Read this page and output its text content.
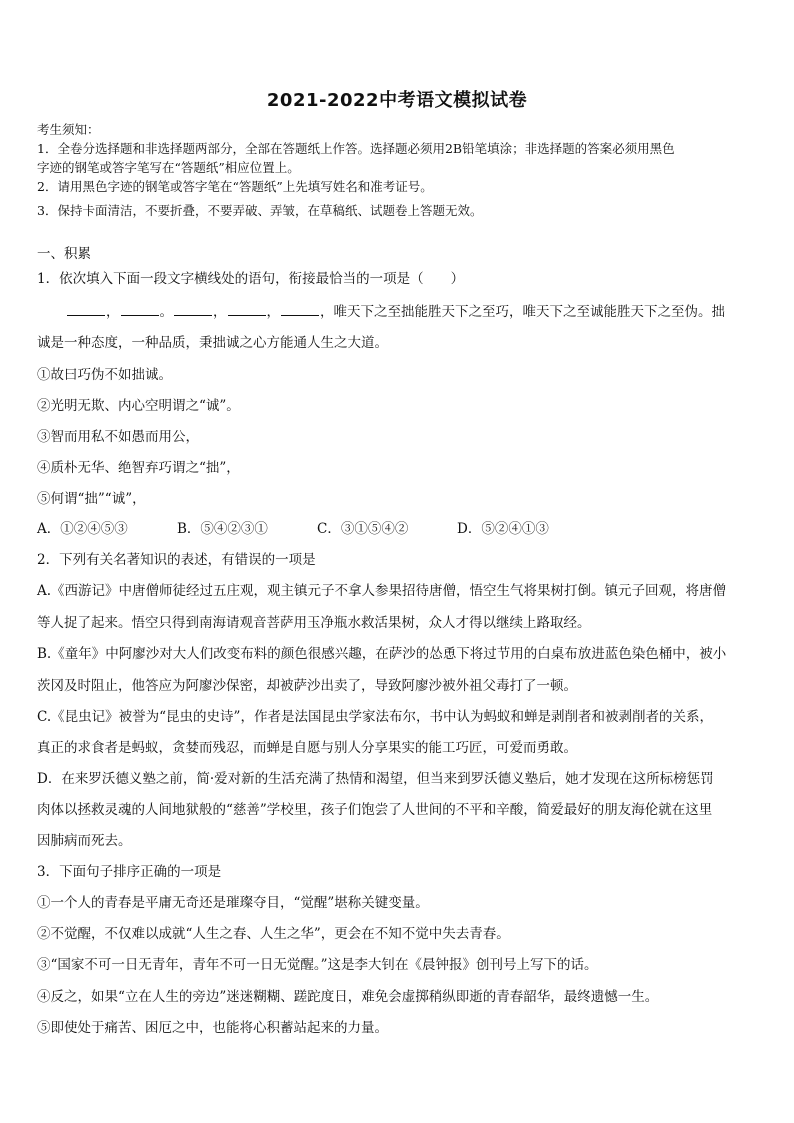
2021-2022中考语文模拟试卷
考生须知：
1．全卷分选择题和非选择题两部分，全部在答题纸上作答。选择题必须用2B铅笔填涂；非选择题的答案必须用黑色
字迹的钢笔或答字笔写在“答题纸”相应位置上。
2．请用黑色字迹的钢笔或答字笔在“答题纸”上先填写姓名和准考证号。
3．保持卡面清洁，不要折叠，不要弄破、弄皱，在草稿纸、试题卷上答题无效。
一、积累
1．依次填入下面一段文字横线处的语句，衔接最恰当的一项是（　　）
，	。	，	，	，唯天下之至拙能胜天下之至巧，唯天下之至诚能胜天下之至伪。拙
诚是一种态度，一种品质，秉拙诚之心方能通人生之大道。
①故曰巧伪不如拙诚。
②光明无欺、内心空明谓之“诚”。
③智而用私不如愚而用公，
④质朴无华、绝智弃巧谓之“拙”，
⑤何谓“拙”“诚”，
A．①②④⑤③	B．⑤④②③①	C．③①⑤④②	D．⑤②④①③
2．下列有关名著知识的表述，有错误的一项是
A.《西游记》中唐僧师徒经过五庄观，观主镇元子不拿人参果招待唐僧，悟空生气将果树打倒。镇元子回观，将唐僧
等人捉了起来。悟空只得到南海请观音菩萨用玉净瓶水救活果树，众人才得以继续上路取经。
B.《童年》中阿廖沙对大人们改变布料的颜色很感兴趣，在萨沙的怂恿下将过节用的白桌布放进蓝色染色桶中，被小
茨冈及时阻止，他答应为阿廖沙保密，却被萨沙出卖了，导致阿廖沙被外祖父毒打了一顿。
C.《昆虫记》被誉为“昆虫的史诗”，作者是法国昆虫学家法布尔，书中认为蚂蚁和蝉是剥削者和被剥削者的关系，
真正的求食者是蚂蚁，贪婪而残忍，而蝉是自愿与别人分享果实的能工巧匠，可爱而勇敢。
D．在来罗沃德义塾之前，简·爱对新的生活充满了热情和渴望，但当来到罗沃德义塾后，她才发现在这所标榜惩罚
肉体以拯救灵魂的人间地狱般的“慈善”学校里，孩子们饱尝了人世间的不平和辛酸，简爱最好的朋友海伦就在这里
因肺病而死去。
3．下面句子排序正确的一项是
①一个人的青春是平庸无奇还是璀璨夺目，“觉醒”堪称关键变量。
②不觉醒，不仅难以成就“人生之春、人生之华”，更会在不知不觉中失去青春。
③“国家不可一日无青年，青年不可一日无觉醒。”这是李大钊在《晨钟报》创刊号上写下的话。
④反之，如果“立在人生的旁边”迷迷糊糊、蹉跎度日，难免会虚掷稍纵即逝的青春韶华，最终遗憾一生。
⑤即使处于痛苦、困厄之中，也能将心积蓄站起来的力量。
